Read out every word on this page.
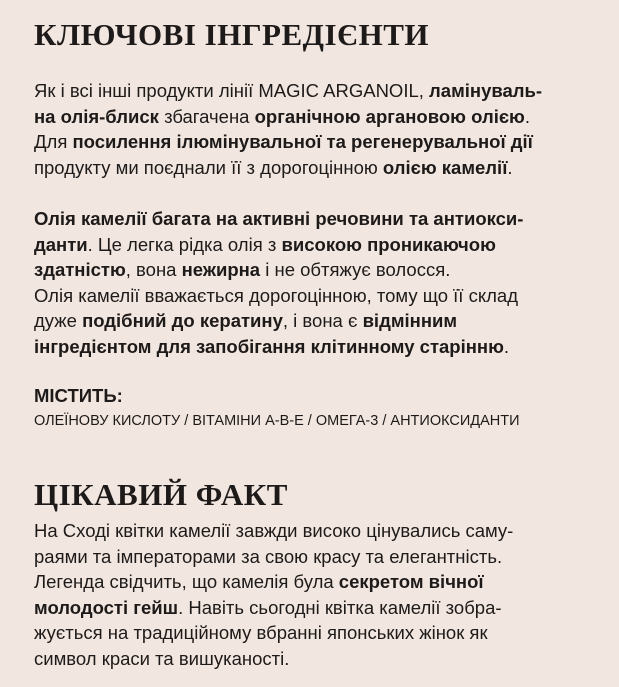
КЛЮЧОВІ ІНГРЕДІЄНТИ

Як і всі інші продукти лінії MAGIC ARGANOIL, ламінуваль-
на олія-блиск збагачена органічною аргановою олією.
Для посилення ілюмінувальної та регенерувальної дії
продукту ми поєднали її з дорогоцінною олією камелії.

Олія камелії багата на активні речовини та антиокси-
данти. Це легка рідка олія з високою проникаючою
здатністю, вона нежирна і не обтяжує волосся.
Олія камелії вважається дорогоцінною, тому що її склад
дуже подібний до кератину, і вона є відмінним
інгредієнтом для запобігання клітинному старінню.

МІСТИТЬ:
ОЛЕЇНОВУ КИСЛОТУ / ВІТАМІНИ А-В-Е / ОМЕГА-3 / АНТИОКСИДАНТИ
ЦІКАВИЙ ФАКТ

На Сході квітки камелії завжди високо цінувались саму-
раями та імператорами за свою красу та елегантність.
Легенда свідчить, що камелія була секретом вічної
молодості гейш. Навіть сьогодні квітка камелії зобра-
жується на традиційному вбранні японських жінок як
символ краси та вишуканості.
